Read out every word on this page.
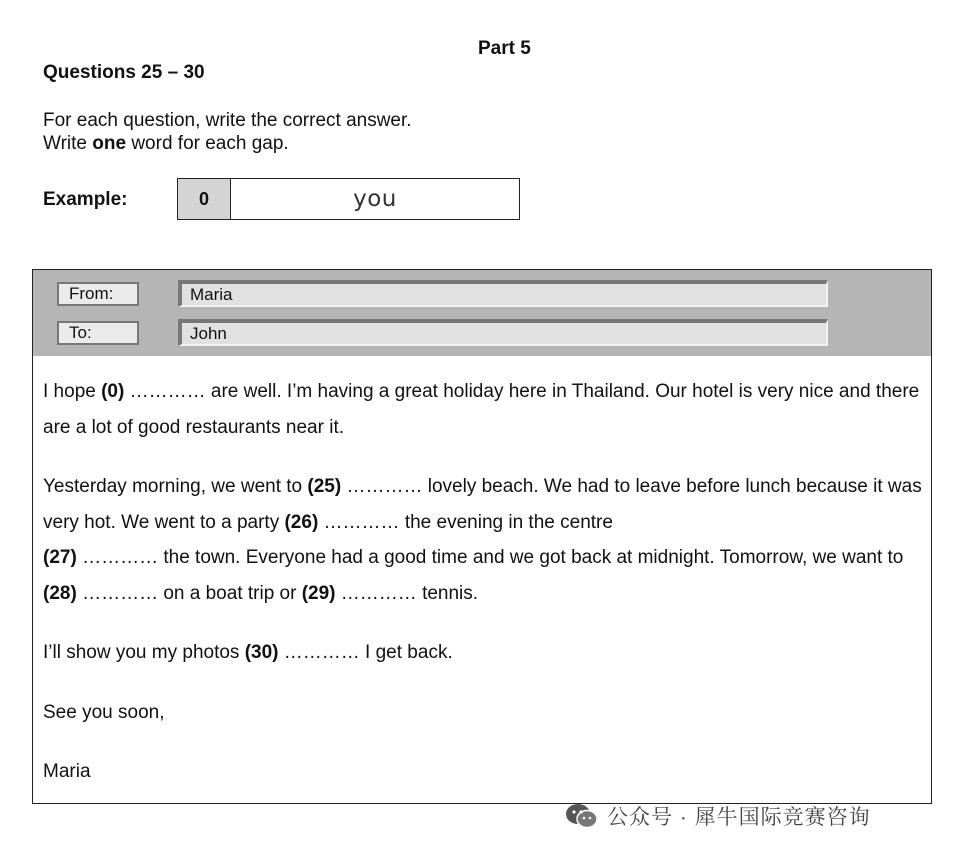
Part 5
Questions 25 – 30
For each question, write the correct answer.
Write one word for each gap.
Example:	0	you
From:	Maria
To:	John

I hope (0) ………… are well. I’m having a great holiday here in Thailand. Our hotel is very nice and there are a lot of good restaurants near it.

Yesterday morning, we went to (25) ………… lovely beach. We had to leave before lunch because it was very hot. We went to a party (26) ………… the evening in the centre
(27) ………… the town. Everyone had a good time and we got back at midnight. Tomorrow, we want to (28) ………… on a boat trip or (29) ………… tennis.

I’ll show you my photos (30) ………… I get back.

See you soon,

Maria

公众号 · 犀牛国际竞赛咨询
